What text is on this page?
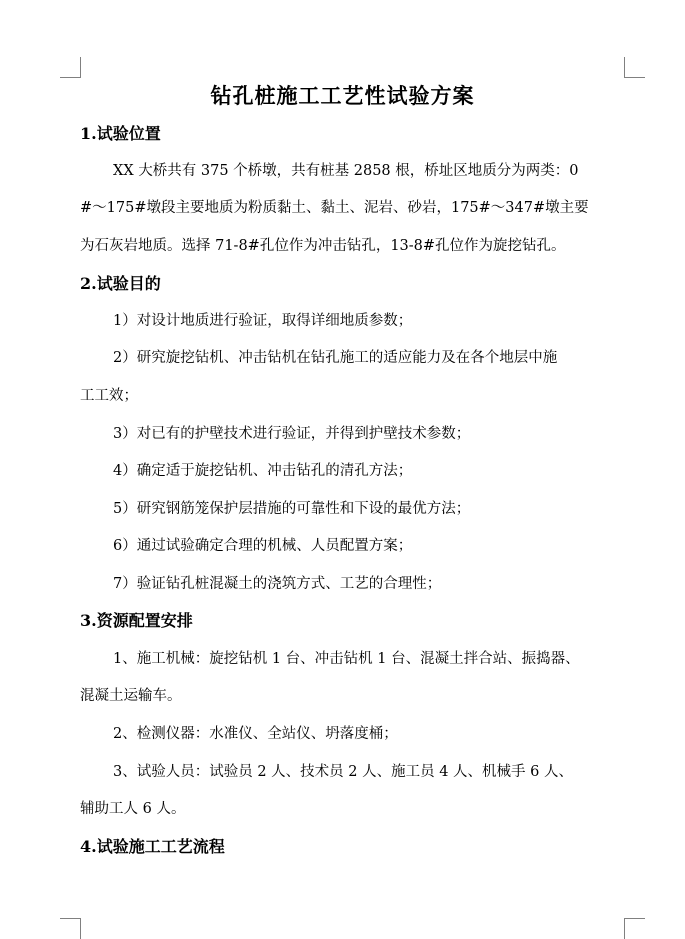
钻孔桩施工工艺性试验方案
1.试验位置
XX 大桥共有 375 个桥墩，共有桩基 2858 根，桥址区地质分为两类：0
#～175#墩段主要地质为粉质黏土、黏土、泥岩、砂岩，175#～347#墩主要
为石灰岩地质。选择 71-8#孔位作为冲击钻孔，13-8#孔位作为旋挖钻孔。
2.试验目的
1）对设计地质进行验证，取得详细地质参数；
2）研究旋挖钻机、冲击钻机在钻孔施工的适应能力及在各个地层中施
工工效；
3）对已有的护壁技术进行验证，并得到护壁技术参数；
4）确定适于旋挖钻机、冲击钻孔的清孔方法；
5）研究钢筋笼保护层措施的可靠性和下设的最优方法；
6）通过试验确定合理的机械、人员配置方案；
7）验证钻孔桩混凝土的浇筑方式、工艺的合理性；
3.资源配置安排
1、施工机械：旋挖钻机 1 台、冲击钻机 1 台、混凝土拌合站、振捣器、
混凝土运输车。
2、检测仪器：水准仪、全站仪、坍落度桶；
3、试验人员：试验员 2 人、技术员 2 人、施工员 4 人、机械手 6 人、
辅助工人 6 人。
4.试验施工工艺流程
